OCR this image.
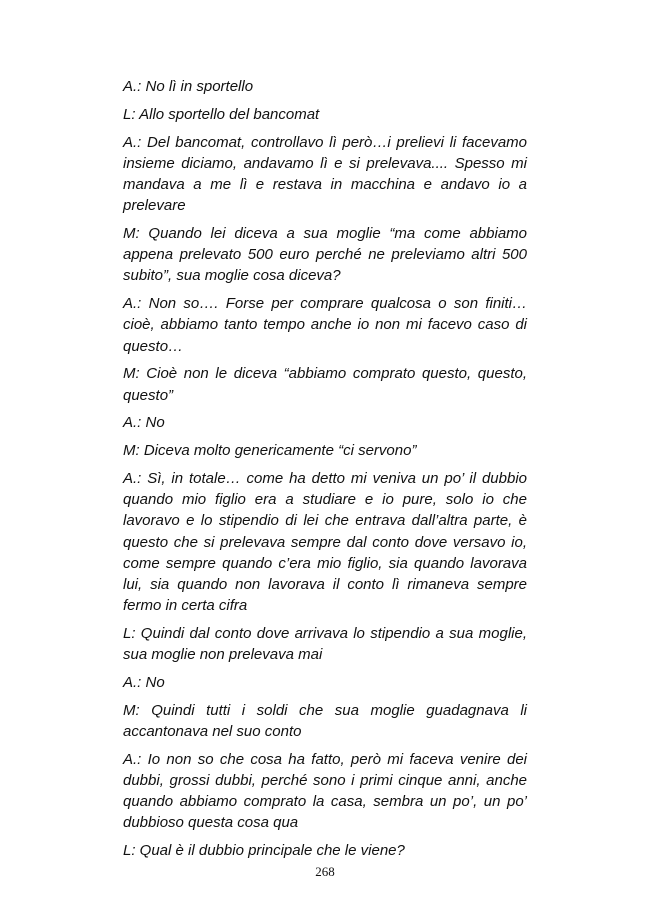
A.: No lì in sportello

L: Allo sportello del bancomat

A.: Del bancomat, controllavo lì però…i prelievi li facevamo insieme diciamo, andavamo lì e si prelevava.... Spesso mi mandava a me lì e restava in macchina e andavo io a prelevare

M: Quando lei diceva a sua moglie “ma come abbiamo appena prelevato 500 euro perché ne preleviamo altri 500 subito”, sua moglie cosa diceva?

A.: Non so…. Forse per comprare qualcosa o son finiti…cioè, abbiamo tanto tempo anche io non mi facevo caso di questo…

M: Cioè non le diceva “abbiamo comprato questo, questo, questo”

A.: No

M: Diceva molto genericamente “ci servono”

A.: Sì, in totale… come ha detto mi veniva un po’ il dubbio quando mio figlio era a studiare e io pure, solo io che lavoravo e lo stipendio di lei che entrava dall’altra parte, è questo che si prelevava sempre dal conto dove versavo io, come sempre quando c’era mio figlio, sia quando lavorava lui, sia quando non lavorava il conto lì rimaneva sempre fermo in certa cifra

L: Quindi dal conto dove arrivava lo stipendio a sua moglie, sua moglie non prelevava mai

A.: No

M: Quindi tutti i soldi che sua moglie guadagnava li accantonava nel suo conto

A.: Io non so che cosa ha fatto, però mi faceva venire dei dubbi, grossi dubbi, perché sono i primi cinque anni, anche quando abbiamo comprato la casa, sembra un po’, un po’ dubbioso questa cosa qua

L: Qual è il dubbio principale che le viene?

268
